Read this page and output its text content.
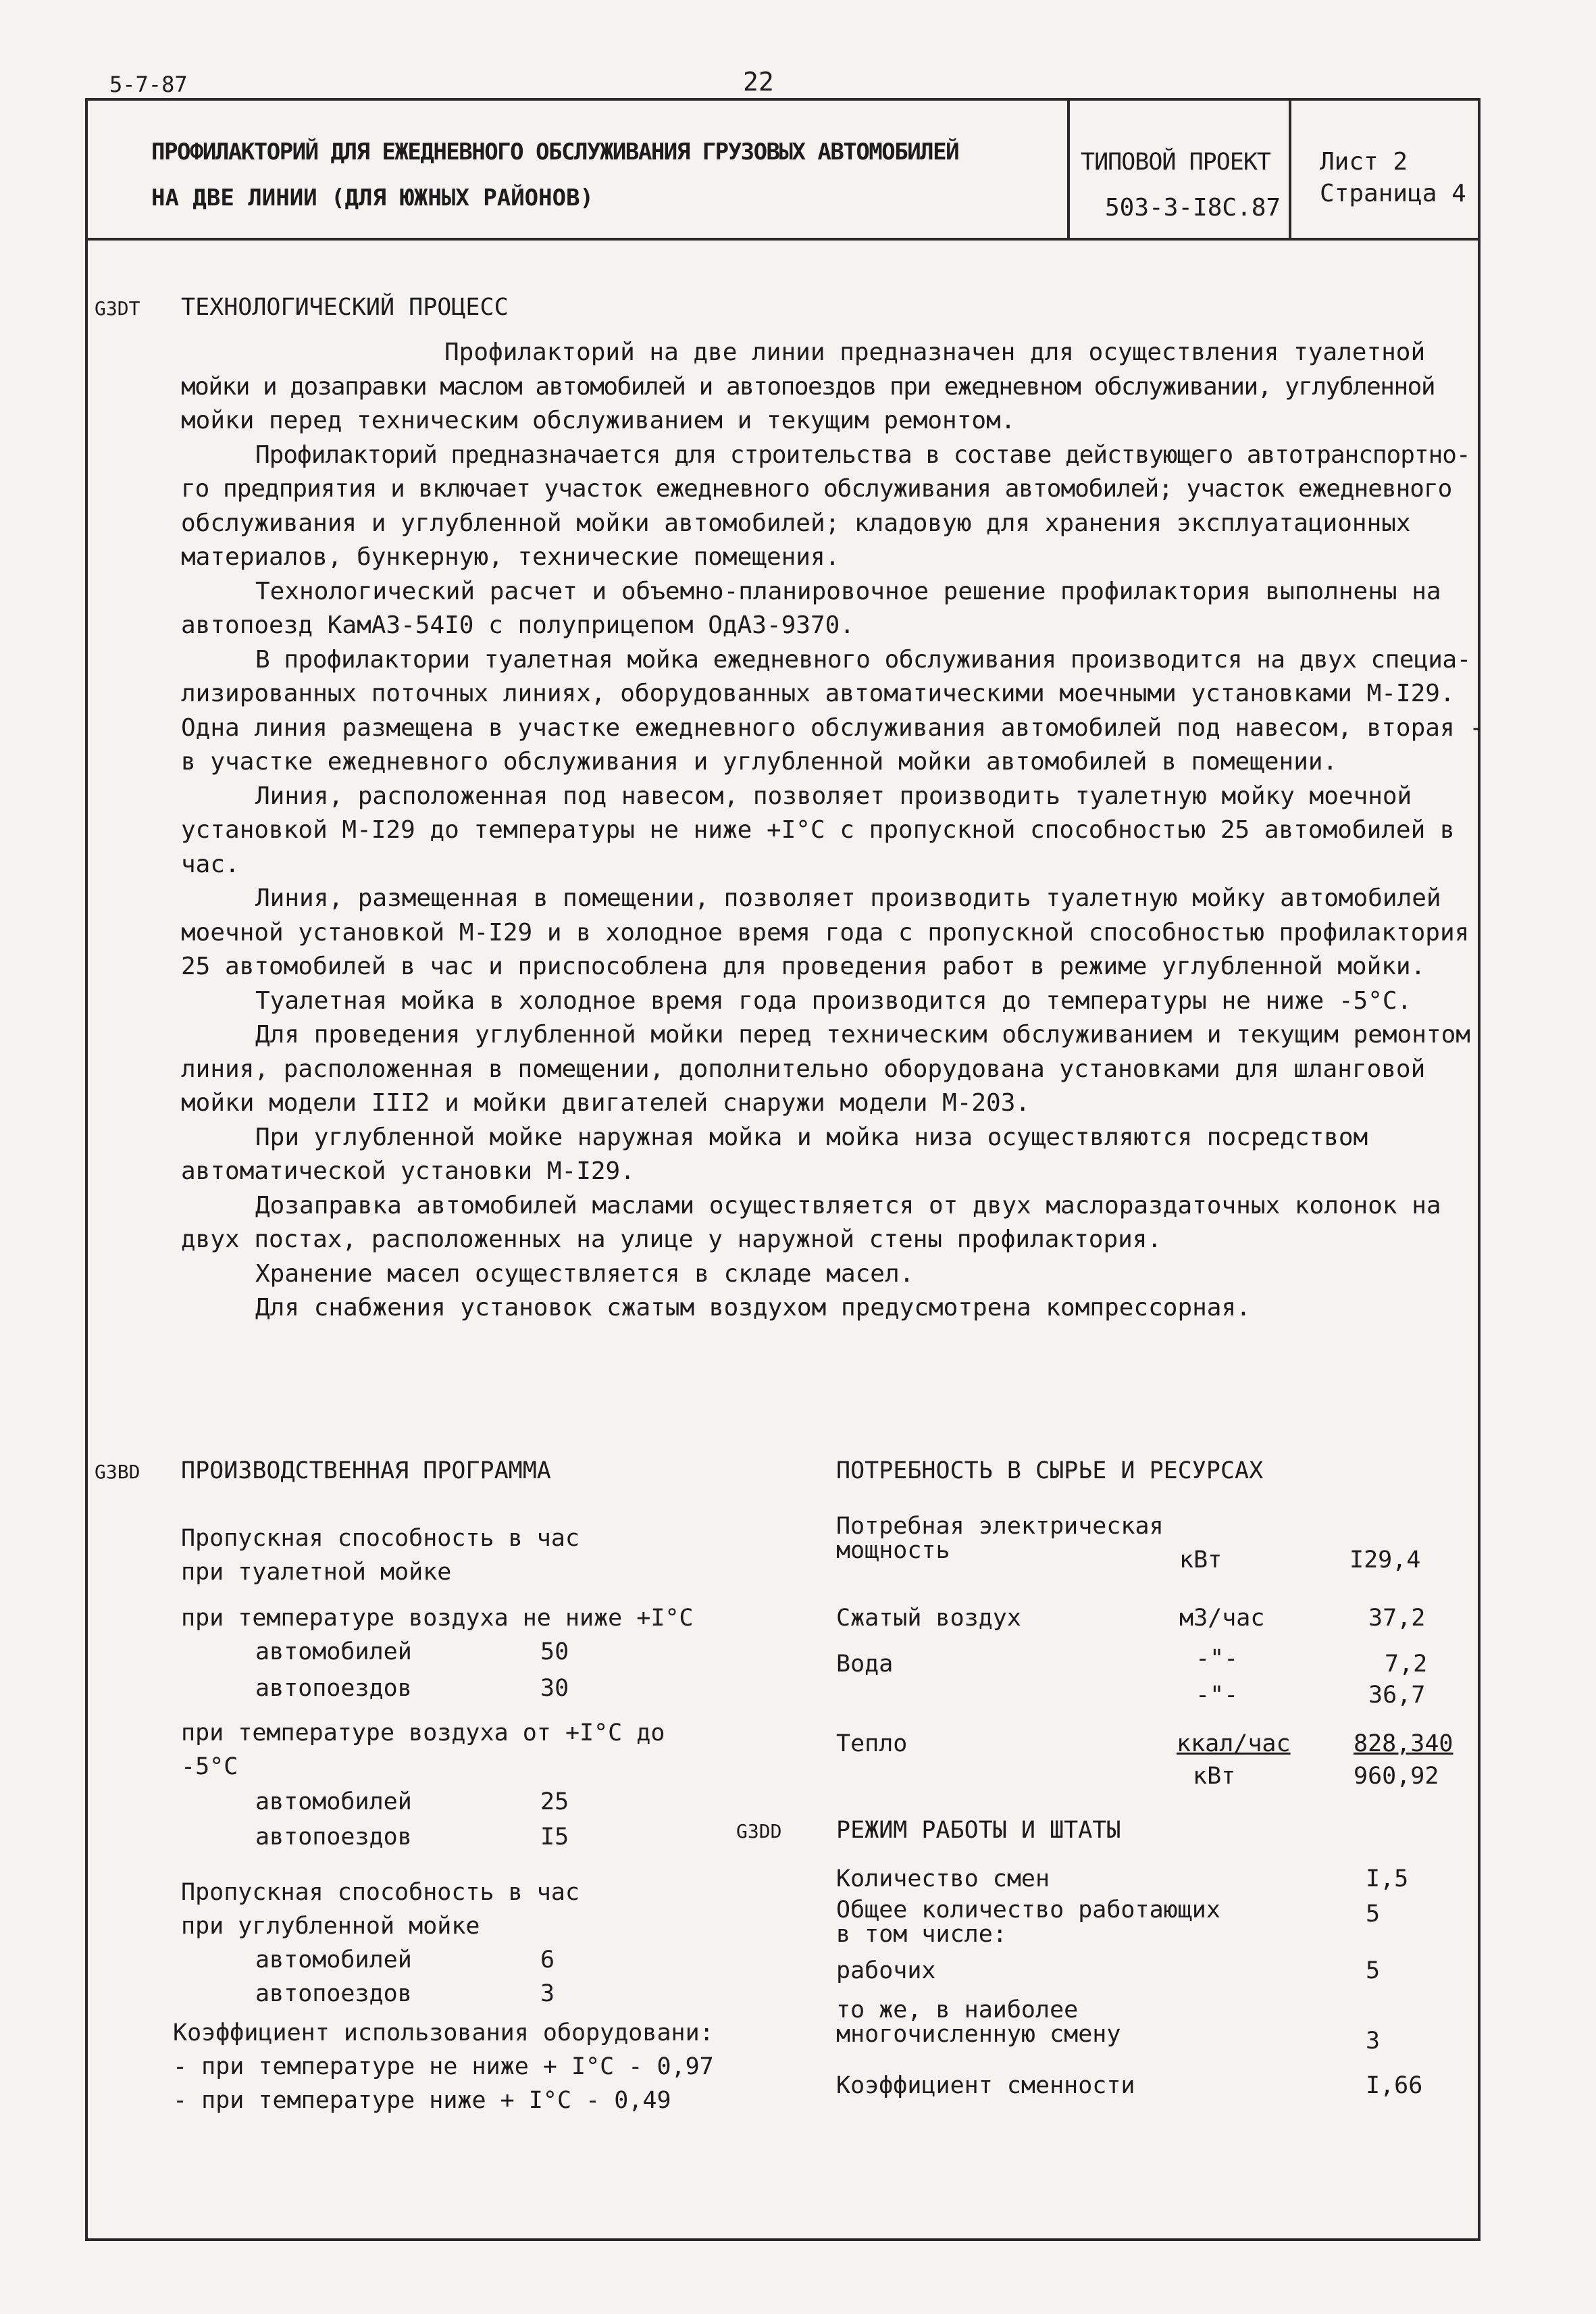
5-7-87	22
ПРОФИЛАКТОРИЙ ДЛЯ ЕЖЕДНЕВНОГО ОБСЛУЖИВАНИЯ ГРУЗОВЫХ АВТОМОБИЛЕЙ
НА ДВЕ ЛИНИИ (ДЛЯ ЮЖНЫХ РАЙОНОВ)
ТИПОВОЙ ПРОЕКТ
503-3-I8С.87
Лист 2
Страница 4
G3DT ТЕХНОЛОГИЧЕСКИЙ ПРОЦЕСС
Профилакторий на две линии предназначен для осуществления туалетной
мойки и дозаправки маслом автомобилей и автопоездов при ежедневном обслуживании, углубленной
мойки перед техническим обслуживанием и текущим ремонтом.
Профилакторий предназначается для строительства в составе действующего автотранспортно-
го предприятия и включает участок ежедневного обслуживания автомобилей; участок ежедневного
обслуживания и углубленной мойки автомобилей; кладовую для хранения эксплуатационных
материалов, бункерную, технические помещения.
Технологический расчет и объемно-планировочное решение профилактория выполнены на
автопоезд КамАЗ-54I0 с полуприцепом ОдАЗ-9370.
В профилактории туалетная мойка ежедневного обслуживания производится на двух специа-
лизированных поточных линиях, оборудованных автоматическими моечными установками М-I29.
Одна линия размещена в участке ежедневного обслуживания автомобилей под навесом, вторая -
в участке ежедневного обслуживания и углубленной мойки автомобилей в помещении.
Линия, расположенная под навесом, позволяет производить туалетную мойку моечной
установкой М-I29 до температуры не ниже +I°С с пропускной способностью 25 автомобилей в
час.
Линия, размещенная в помещении, позволяет производить туалетную мойку автомобилей
моечной установкой М-I29 и в холодное время года с пропускной способностью профилактория
25 автомобилей в час и приспособлена для проведения работ в режиме углубленной мойки.
Туалетная мойка в холодное время года производится до температуры не ниже -5°С.
Для проведения углубленной мойки перед техническим обслуживанием и текущим ремонтом
линия, расположенная в помещении, дополнительно оборудована установками для шланговой
мойки модели III2 и мойки двигателей снаружи модели М-203.
При углубленной мойке наружная мойка и мойка низа осуществляются посредством
автоматической установки М-I29.
Дозаправка автомобилей маслами осуществляется от двух маслораздаточных колонок на
двух постах, расположенных на улице у наружной стены профилактория.
Хранение масел осуществляется в складе масел.
Для снабжения установок сжатым воздухом предусмотрена компрессорная.
G3BD ПРОИЗВОДСТВЕННАЯ ПРОГРАММА
Пропускная способность в час
при туалетной мойке
при температуре воздуха не ниже +I°С
автомобилей	50
автопоездов	30
при температуре воздуха от +I°С до
-5°С
автомобилей	25
автопоездов	I5
Пропускная способность в час
при углубленной мойке
автомобилей	6
автопоездов	3
Коэффициент использования оборудовани:
- при температуре не ниже + I°С - 0,97
- при температуре ниже + I°С - 0,49
ПОТРЕБНОСТЬ В СЫРЬЕ И РЕСУРСАХ
Потребная электрическая
мощность	кВт	I29,4
Сжатый воздух	м3/час	37,2
Вода	-"-	7,2
-"-	36,7
Тепло	ккал/час	828,340
кВт	960,92
G3DD РЕЖИМ РАБОТЫ И ШТАТЫ
Количество смен	I,5
Общее количество работающих
в том числе:
5
рабочих	5
то же, в наиболее
многочисленную смену	3
Коэффициент сменности	I,66
